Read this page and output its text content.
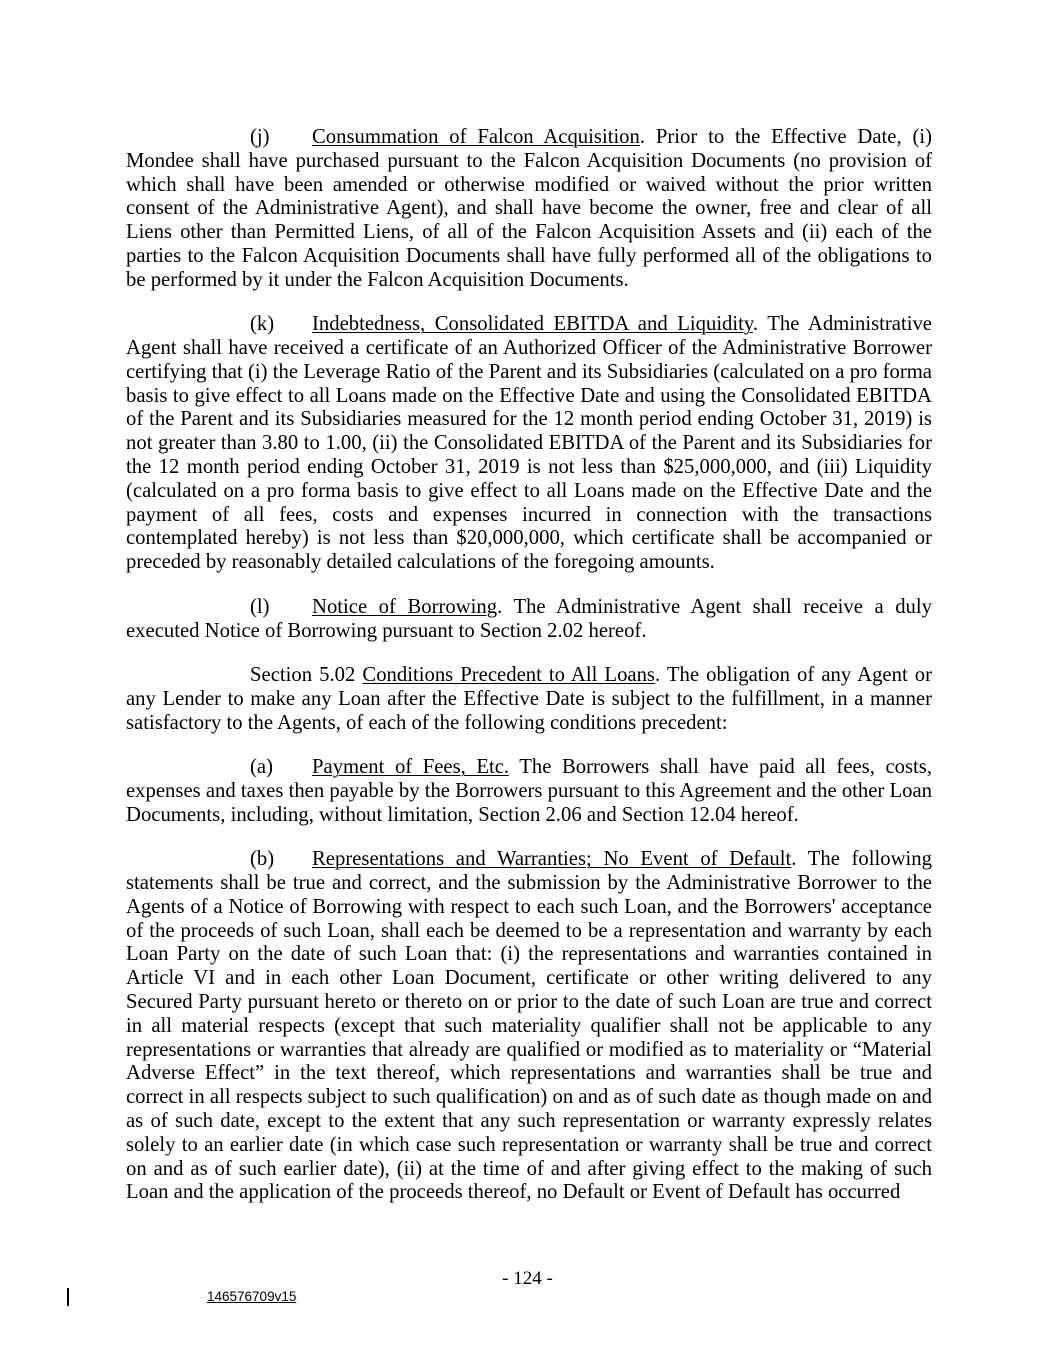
(j) Consummation of Falcon Acquisition. Prior to the Effective Date, (i) Mondee shall have purchased pursuant to the Falcon Acquisition Documents (no provision of which shall have been amended or otherwise modified or waived without the prior written consent of the Administrative Agent), and shall have become the owner, free and clear of all Liens other than Permitted Liens, of all of the Falcon Acquisition Assets and (ii) each of the parties to the Falcon Acquisition Documents shall have fully performed all of the obligations to be performed by it under the Falcon Acquisition Documents.

(k) Indebtedness, Consolidated EBITDA and Liquidity. The Administrative Agent shall have received a certificate of an Authorized Officer of the Administrative Borrower certifying that (i) the Leverage Ratio of the Parent and its Subsidiaries (calculated on a pro forma basis to give effect to all Loans made on the Effective Date and using the Consolidated EBITDA of the Parent and its Subsidiaries measured for the 12 month period ending October 31, 2019) is not greater than 3.80 to 1.00, (ii) the Consolidated EBITDA of the Parent and its Subsidiaries for the 12 month period ending October 31, 2019 is not less than $25,000,000, and (iii) Liquidity (calculated on a pro forma basis to give effect to all Loans made on the Effective Date and the payment of all fees, costs and expenses incurred in connection with the transactions contemplated hereby) is not less than $20,000,000, which certificate shall be accompanied or preceded by reasonably detailed calculations of the foregoing amounts.

(l) Notice of Borrowing. The Administrative Agent shall receive a duly executed Notice of Borrowing pursuant to Section 2.02 hereof.

Section 5.02 Conditions Precedent to All Loans. The obligation of any Agent or any Lender to make any Loan after the Effective Date is subject to the fulfillment, in a manner satisfactory to the Agents, of each of the following conditions precedent:

(a) Payment of Fees, Etc. The Borrowers shall have paid all fees, costs, expenses and taxes then payable by the Borrowers pursuant to this Agreement and the other Loan Documents, including, without limitation, Section 2.06 and Section 12.04 hereof.

(b) Representations and Warranties; No Event of Default. The following statements shall be true and correct, and the submission by the Administrative Borrower to the Agents of a Notice of Borrowing with respect to each such Loan, and the Borrowers' acceptance of the proceeds of such Loan, shall each be deemed to be a representation and warranty by each Loan Party on the date of such Loan that: (i) the representations and warranties contained in Article VI and in each other Loan Document, certificate or other writing delivered to any Secured Party pursuant hereto or thereto on or prior to the date of such Loan are true and correct in all material respects (except that such materiality qualifier shall not be applicable to any representations or warranties that already are qualified or modified as to materiality or “Material Adverse Effect” in the text thereof, which representations and warranties shall be true and correct in all respects subject to such qualification) on and as of such date as though made on and as of such date, except to the extent that any such representation or warranty expressly relates solely to an earlier date (in which case such representation or warranty shall be true and correct on and as of such earlier date), (ii) at the time of and after giving effect to the making of such Loan and the application of the proceeds thereof, no Default or Event of Default has occurred

- 124 -
146576709v15
